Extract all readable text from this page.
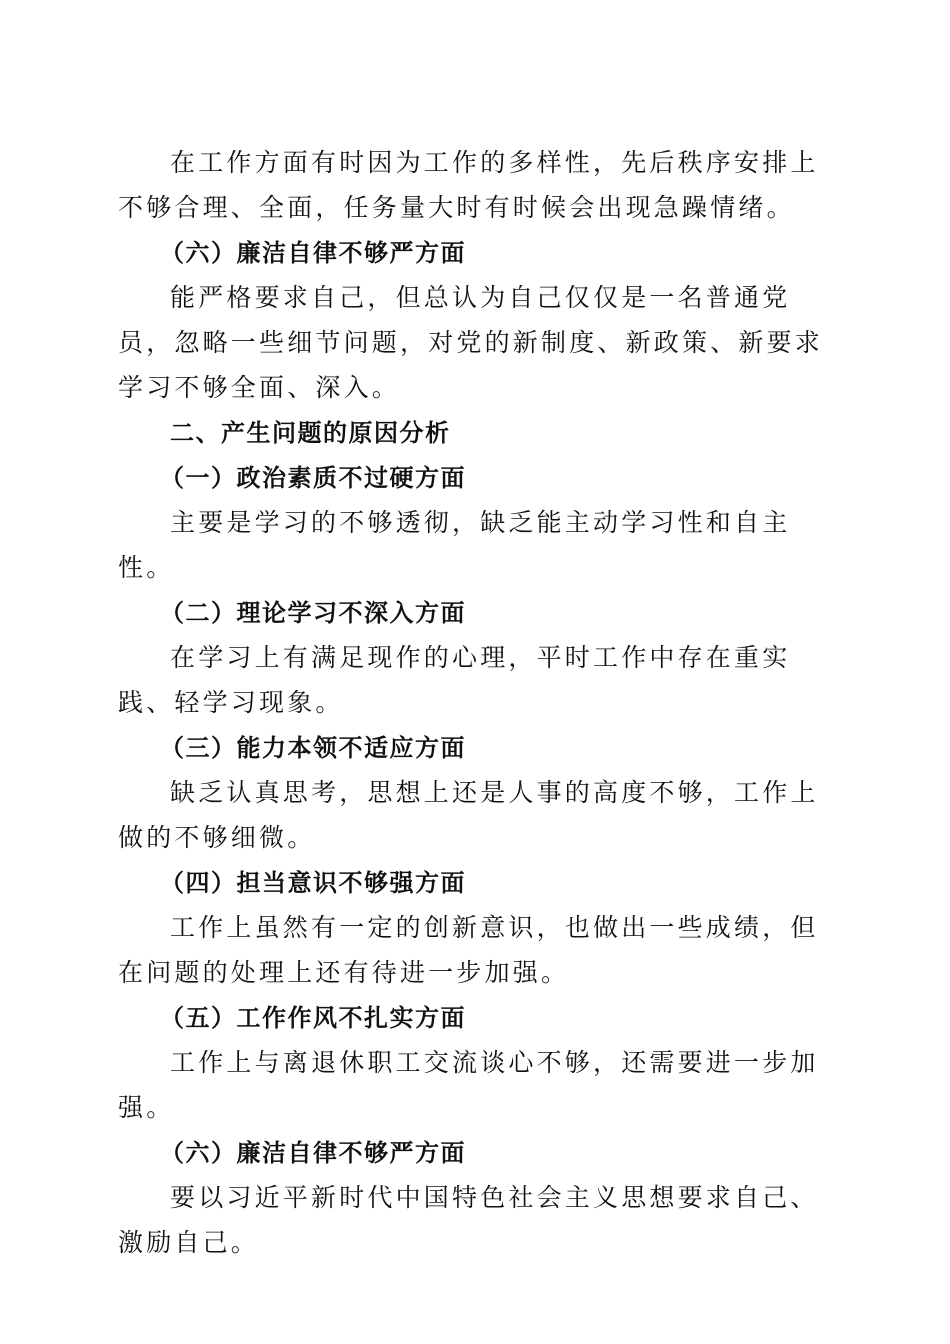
在工作方面有时因为工作的多样性，先后秩序安排上不够合理、全面，任务量大时有时候会出现急躁情绪。

（六）廉洁自律不够严方面

能严格要求自己，但总认为自己仅仅是一名普通党员，忽略一些细节问题，对党的新制度、新政策、新要求学习不够全面、深入。

二、产生问题的原因分析

（一）政治素质不过硬方面

主要是学习的不够透彻，缺乏能主动学习性和自主性。

（二）理论学习不深入方面

在学习上有满足现作的心理，平时工作中存在重实践、轻学习现象。

（三）能力本领不适应方面

缺乏认真思考，思想上还是人事的高度不够，工作上做的不够细微。

（四）担当意识不够强方面

工作上虽然有一定的创新意识，也做出一些成绩，但在问题的处理上还有待进一步加强。

（五）工作作风不扎实方面

工作上与离退休职工交流谈心不够，还需要进一步加强。

（六）廉洁自律不够严方面

要以习近平新时代中国特色社会主义思想要求自己、激励自己。
